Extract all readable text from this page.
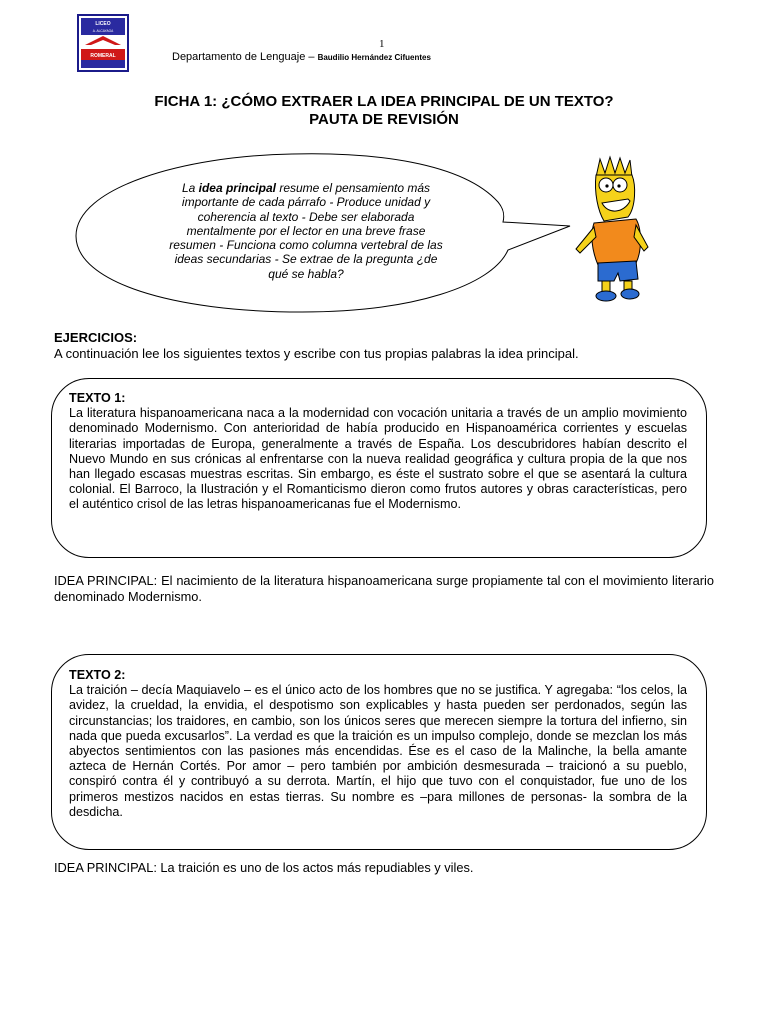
1
LICEO
A. ALCAYAGA
ROMERAL	Departamento de Lenguaje – Baudilio Hernández Cifuentes
FICHA 1: ¿CÓMO EXTRAER LA IDEA PRINCIPAL DE UN TEXTO?
PAUTA DE REVISIÓN
La idea principal resume el pensamiento más importante de cada párrafo - Produce unidad y coherencia al texto - Debe ser elaborada mentalmente por el lector en una breve frase resumen - Funciona como columna vertebral de las ideas secundarias - Se extrae de la pregunta ¿de qué se habla?
EJERCICIOS:
A continuación lee los siguientes textos y escribe con tus propias palabras la idea principal.
TEXTO 1:
La literatura hispanoamericana naca a la modernidad con vocación unitaria a través de un amplio movimiento denominado Modernismo. Con anterioridad de había producido en Hispanoamérica corrientes y escuelas literarias importadas de Europa, generalmente a través de España. Los descubridores habían descrito el Nuevo Mundo en sus crónicas al enfrentarse con la nueva realidad geográfica y cultura propia de la que nos han llegado escasas muestras escritas. Sin embargo, es éste el sustrato sobre el que se asentará la cultura colonial. El Barroco, la Ilustración y el Romanticismo dieron como frutos autores y obras características, pero el auténtico crisol de las letras hispanoamericanas fue el Modernismo.
IDEA PRINCIPAL: El nacimiento de la literatura hispanoamericana surge propiamente tal con el movimiento literario denominado Modernismo.
TEXTO 2:
La traición – decía Maquiavelo – es el único acto de los hombres que no se justifica. Y agregaba: “los celos, la avidez, la crueldad, la envidia, el despotismo son explicables y hasta pueden ser perdonados, según las circunstancias; los traidores, en cambio, son los únicos seres que merecen siempre la tortura del infierno, sin nada que pueda excusarlos”. La verdad es que la traición es un impulso complejo, donde se mezclan los más abyectos sentimientos con las pasiones más encendidas. Ése es el caso de la Malinche, la bella amante azteca de Hernán Cortés. Por amor – pero también por ambición desmesurada – traicionó a su pueblo, conspiró contra él y contribuyó a su derrota. Martín, el hijo que tuvo con el conquistador, fue uno de los primeros mestizos nacidos en estas tierras. Su nombre es –para millones de personas- la sombra de la desdicha.
IDEA PRINCIPAL: La traición es uno de los actos más repudiables y viles.
